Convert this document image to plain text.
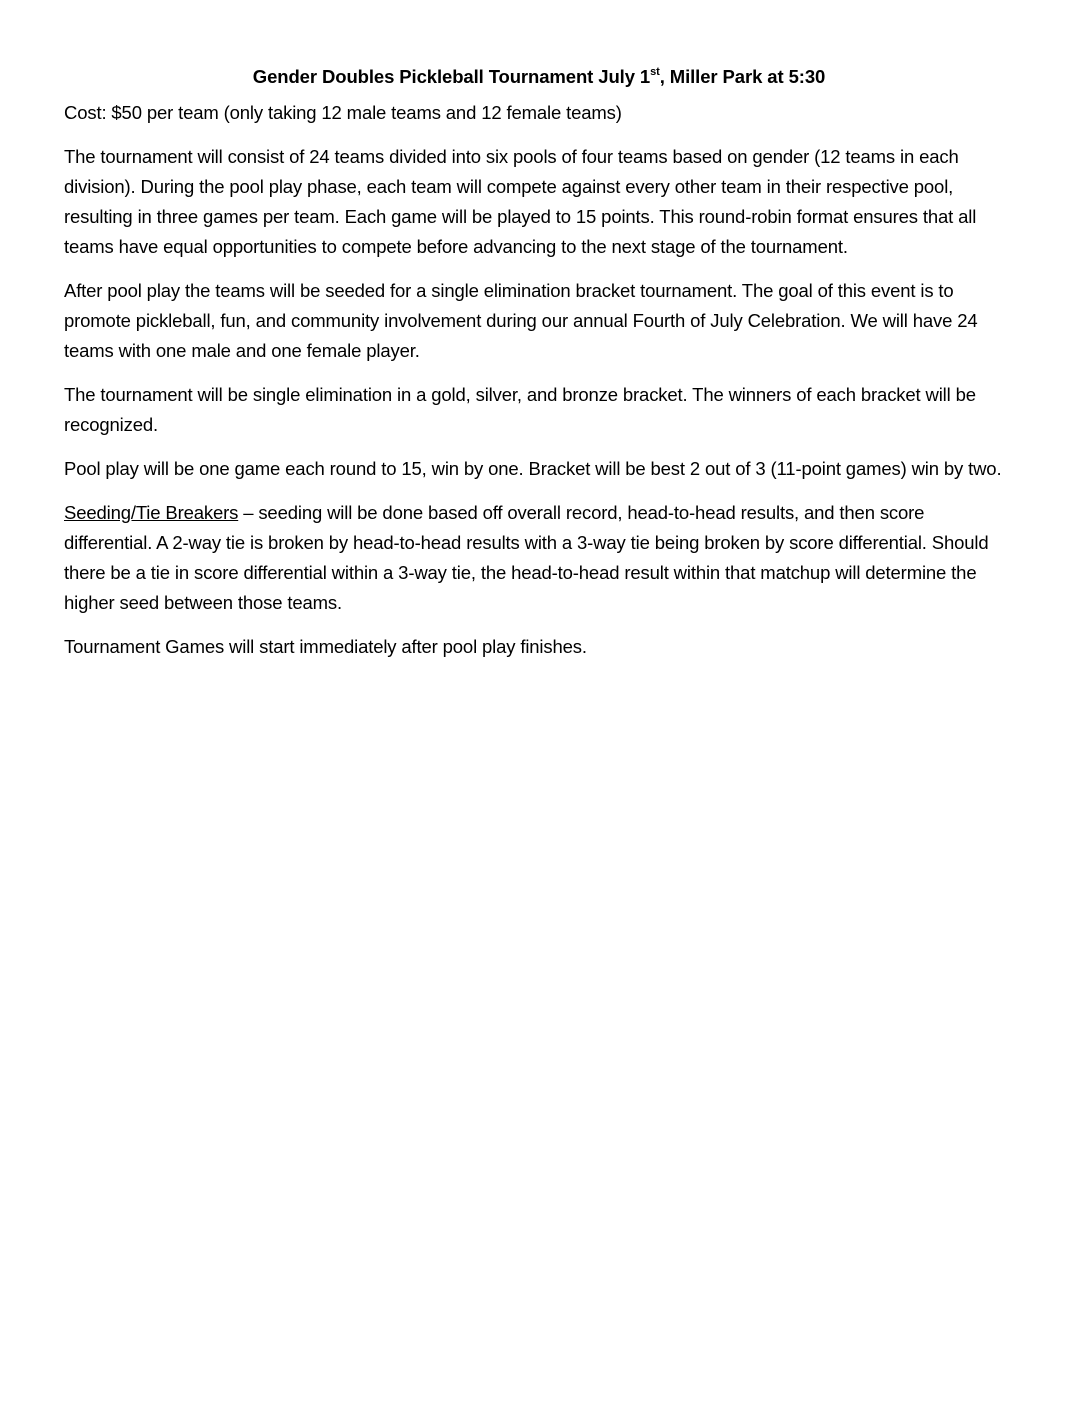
Gender Doubles Pickleball Tournament July 1st, Miller Park at 5:30

Cost: $50 per team (only taking 12 male teams and 12 female teams)

The tournament will consist of 24 teams divided into six pools of four teams based on gender (12 teams in each division). During the pool play phase, each team will compete against every other team in their respective pool, resulting in three games per team. Each game will be played to 15 points. This round-robin format ensures that all teams have equal opportunities to compete before advancing to the next stage of the tournament.

After pool play the teams will be seeded for a single elimination bracket tournament. The goal of this event is to promote pickleball, fun, and community involvement during our annual Fourth of July Celebration. We will have 24 teams with one male and one female player.

The tournament will be single elimination in a gold, silver, and bronze bracket. The winners of each bracket will be recognized.

Pool play will be one game each round to 15, win by one. Bracket will be best 2 out of 3 (11-point games) win by two.

Seeding/Tie Breakers – seeding will be done based off overall record, head-to-head results, and then score differential. A 2-way tie is broken by head-to-head results with a 3-way tie being broken by score differential. Should there be a tie in score differential within a 3-way tie, the head-to-head result within that matchup will determine the higher seed between those teams.

Tournament Games will start immediately after pool play finishes.
